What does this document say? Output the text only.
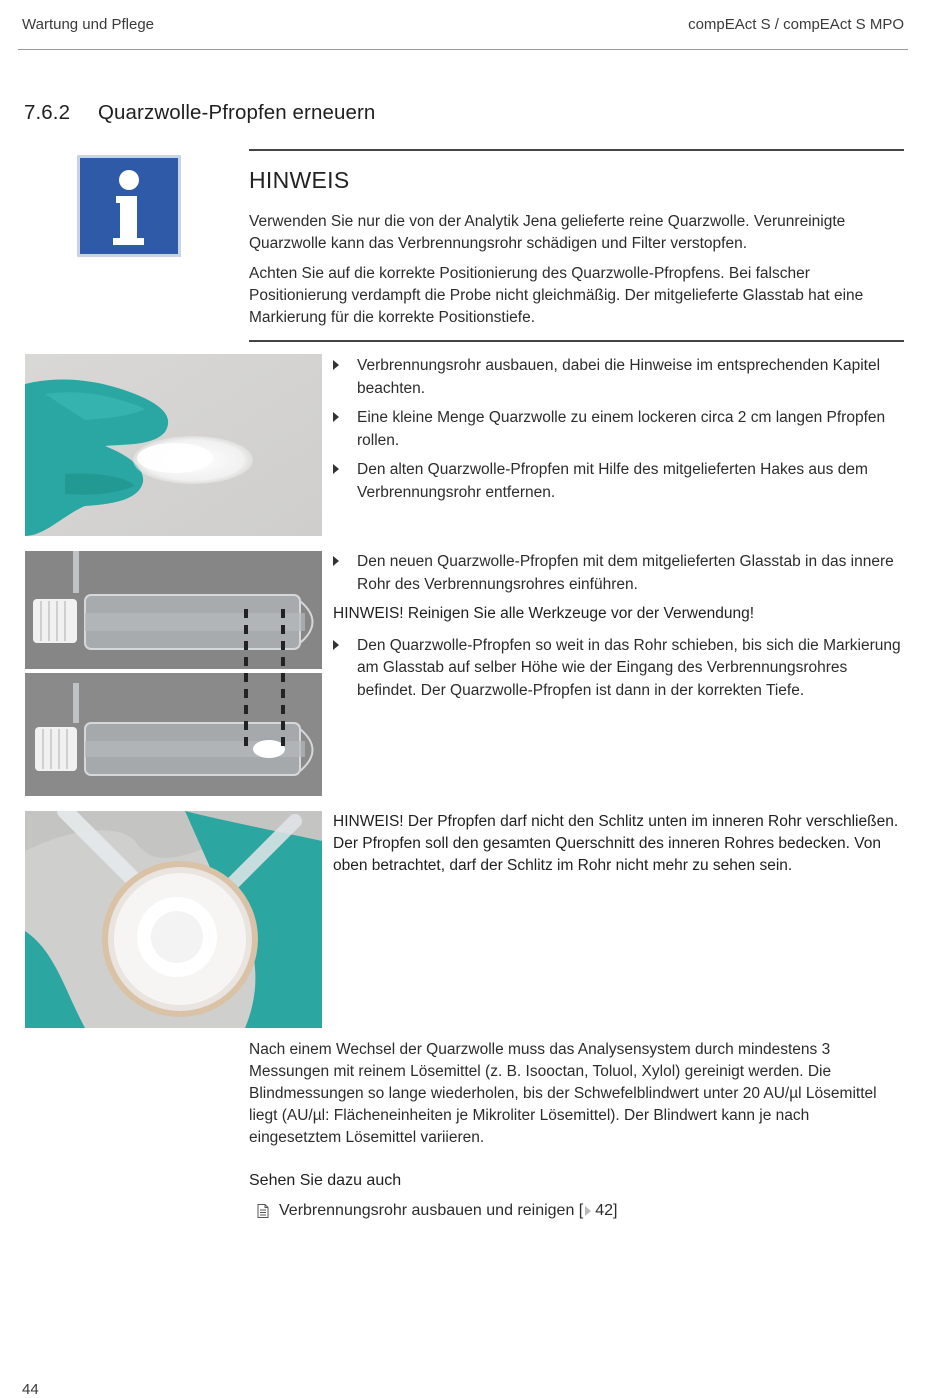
Wartung und Pflege	compEAct S / compEAct S MPO
7.6.2 Quarzwolle-Pfropfen erneuern
HINWEIS
Verwenden Sie nur die von der Analytik Jena gelieferte reine Quarzwolle. Verunreinigte Quarzwolle kann das Verbrennungsrohr schädigen und Filter verstopfen.
Achten Sie auf die korrekte Positionierung des Quarzwolle-Pfropfens. Bei falscher Positionierung verdampft die Probe nicht gleichmäßig. Der mitgelieferte Glasstab hat eine Markierung für die korrekte Positionstiefe.
Verbrennungsrohr ausbauen, dabei die Hinweise im entsprechenden Kapitel beachten.
Eine kleine Menge Quarzwolle zu einem lockeren circa 2 cm langen Pfropfen rollen.
Den alten Quarzwolle-Pfropfen mit Hilfe des mitgelieferten Hakes aus dem Verbrennungsrohr entfernen.
Den neuen Quarzwolle-Pfropfen mit dem mitgelieferten Glasstab in das innere Rohr des Verbrennungsrohres einführen.
HINWEIS! Reinigen Sie alle Werkzeuge vor der Verwendung!
Den Quarzwolle-Pfropfen so weit in das Rohr schieben, bis sich die Markierung am Glasstab auf selber Höhe wie der Eingang des Verbrennungsrohres befindet. Der Quarzwolle-Pfropfen ist dann in der korrekten Tiefe.
HINWEIS! Der Pfropfen darf nicht den Schlitz unten im inneren Rohr verschließen. Der Pfropfen soll den gesamten Querschnitt des inneren Rohres bedecken. Von oben betrachtet, darf der Schlitz im Rohr nicht mehr zu sehen sein.
Nach einem Wechsel der Quarzwolle muss das Analysensystem durch mindestens 3 Messungen mit reinem Lösemittel (z. B. Isooctan, Toluol, Xylol) gereinigt werden. Die Blindmessungen so lange wiederholen, bis der Schwefelblindwert unter 20 AU/µl Lösemittel liegt (AU/µl: Flächeneinheiten je Mikroliter Lösemittel). Der Blindwert kann je nach eingesetztem Lösemittel variieren.
Sehen Sie dazu auch
Verbrennungsrohr ausbauen und reinigen [ 42]
44
